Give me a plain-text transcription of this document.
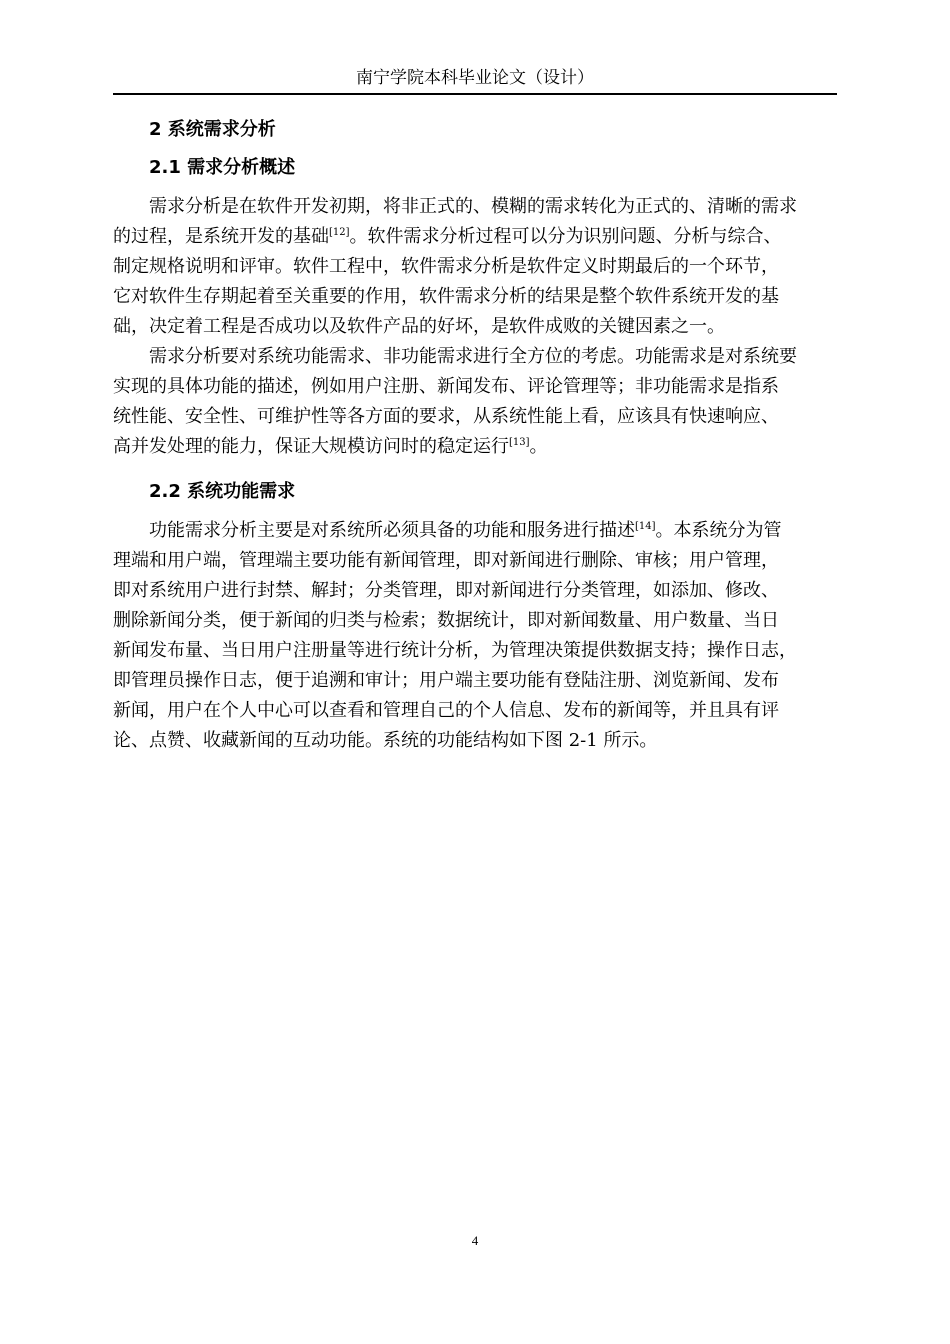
南宁学院本科毕业论文（设计）
2 系统需求分析
2.1 需求分析概述

需求分析是在软件开发初期，将非正式的、模糊的需求转化为正式的、清晰的需求
的过程，是系统开发的基础[12]。软件需求分析过程可以分为识别问题、分析与综合、
制定规格说明和评审。软件工程中，软件需求分析是软件定义时期最后的一个环节，
它对软件生存期起着至关重要的作用，软件需求分析的结果是整个软件系统开发的基
础，决定着工程是否成功以及软件产品的好坏，是软件成败的关键因素之一。

需求分析要对系统功能需求、非功能需求进行全方位的考虑。功能需求是对系统要
实现的具体功能的描述，例如用户注册、新闻发布、评论管理等；非功能需求是指系
统性能、安全性、可维护性等各方面的要求，从系统性能上看，应该具有快速响应、
高并发处理的能力，保证大规模访问时的稳定运行[13]。

2.2 系统功能需求

功能需求分析主要是对系统所必须具备的功能和服务进行描述[14]。本系统分为管
理端和用户端，管理端主要功能有新闻管理，即对新闻进行删除、审核；用户管理，
即对系统用户进行封禁、解封；分类管理，即对新闻进行分类管理，如添加、修改、
删除新闻分类，便于新闻的归类与检索；数据统计，即对新闻数量、用户数量、当日
新闻发布量、当日用户注册量等进行统计分析，为管理决策提供数据支持；操作日志，
即管理员操作日志，便于追溯和审计；用户端主要功能有登陆注册、浏览新闻、发布
新闻，用户在个人中心可以查看和管理自己的个人信息、发布的新闻等，并且具有评
论、点赞、收藏新闻的互动功能。系统的功能结构如下图 2-1 所示。

4
